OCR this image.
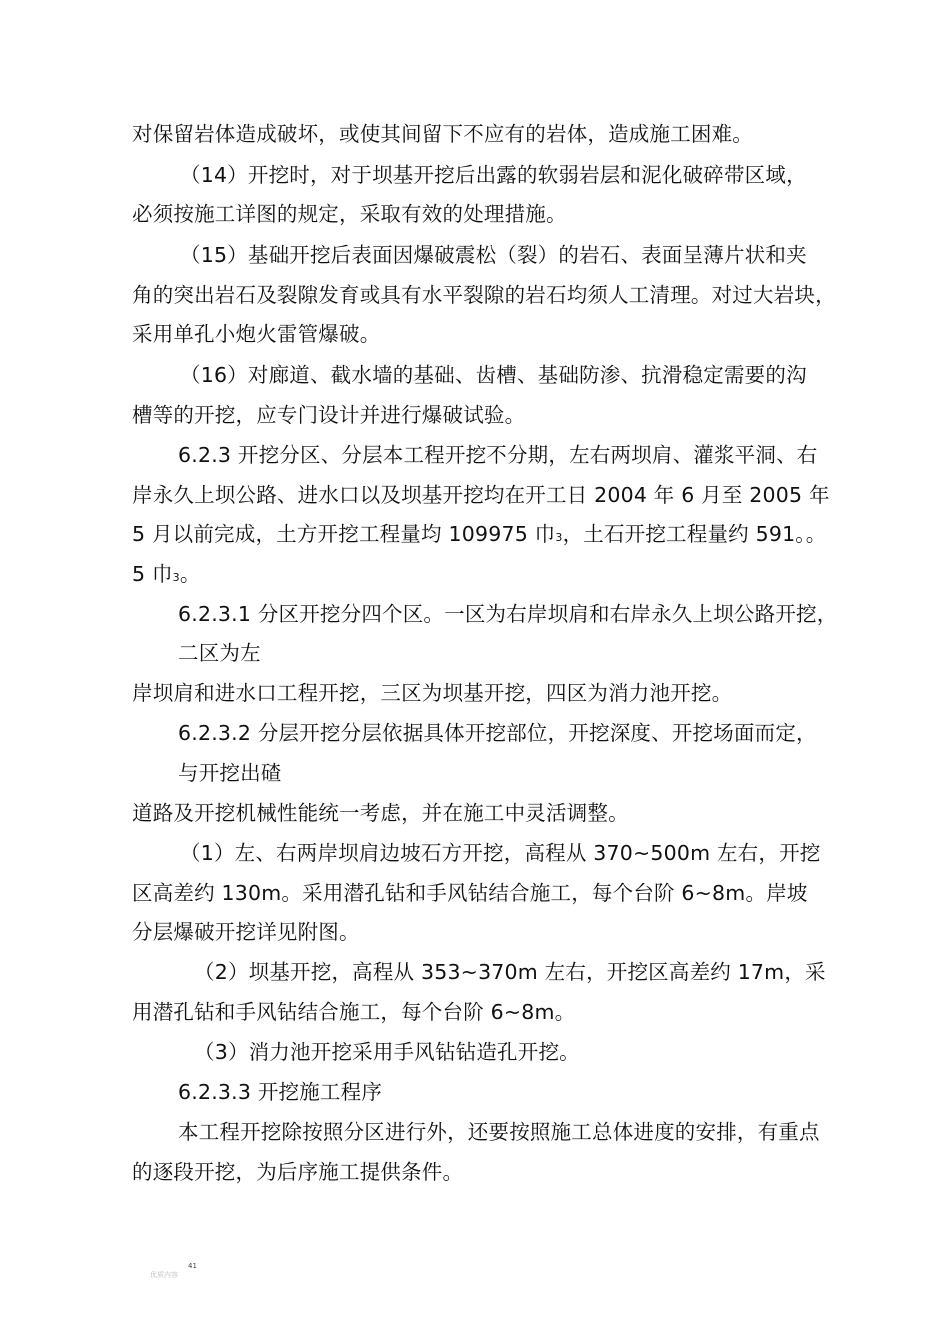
对保留岩体造成破坏，或使其间留下不应有的岩体，造成施工困难。
（14）开挖时，对于坝基开挖后出露的软弱岩层和泥化破碎带区域，
必须按施工详图的规定，采取有效的处理措施。
（15）基础开挖后表面因爆破震松（裂）的岩石、表面呈薄片状和夹
角的突出岩石及裂隙发育或具有水平裂隙的岩石均须人工清理。对过大岩块，
采用单孔小炮火雷管爆破。
（16）对廊道、截水墙的基础、齿槽、基础防渗、抗滑稳定需要的沟
槽等的开挖，应专门设计并进行爆破试验。
6.2.3 开挖分区、分层本工程开挖不分期，左右两坝肩、灌浆平洞、右
岸永久上坝公路、进水口以及坝基开挖均在开工日 2004 年 6 月至 2005 年
5 月以前完成，土方开挖工程量均 109975 巾3，土石开挖工程量约 591。。
5 巾3。
6.2.3.1 分区开挖分四个区。一区为右岸坝肩和右岸永久上坝公路开挖，
二区为左
岸坝肩和进水口工程开挖，三区为坝基开挖，四区为消力池开挖。
6.2.3.2 分层开挖分层依据具体开挖部位，开挖深度、开挖场面而定，
与开挖出碴
道路及开挖机械性能统一考虑，并在施工中灵活调整。
（1）左、右两岸坝肩边坡石方开挖，高程从 370~500m 左右，开挖
区高差约 130m。采用潜孔钻和手风钻结合施工，每个台阶 6~8m。岸坡
分层爆破开挖详见附图。
（2）坝基开挖，高程从 353~370m 左右，开挖区高差约 17m，采
用潜孔钻和手风钻结合施工，每个台阶 6~8m。
（3）消力池开挖采用手风钻钻造孔开挖。
6.2.3.3 开挖施工程序
本工程开挖除按照分区进行外，还要按照施工总体进度的安排，有重点
的逐段开挖，为后序施工提供条件。
41
优质内容
